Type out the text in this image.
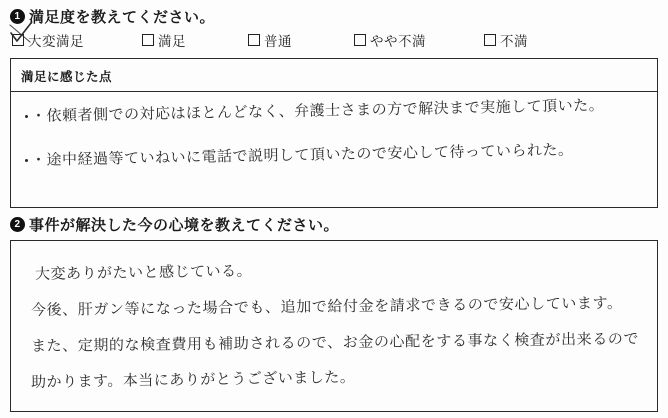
1 満足度を教えてください。
大変満足	満足	普通	やや不満	不満
満足に感じた点
・依頼者側での対応はほとんどなく、弁護士さまの方で解決まで実施して頂いた。
・途中経過等ていねいに電話で説明して頂いたので安心して待っていられた。
2 事件が解決した今の心境を教えてください。
大変ありがたいと感じている。
今後、肝ガン等になった場合でも、追加で給付金を請求できるので安心しています。
また、定期的な検査費用も補助されるので、お金の心配をする事なく検査が出来るので
助かります。本当にありがとうございました。
